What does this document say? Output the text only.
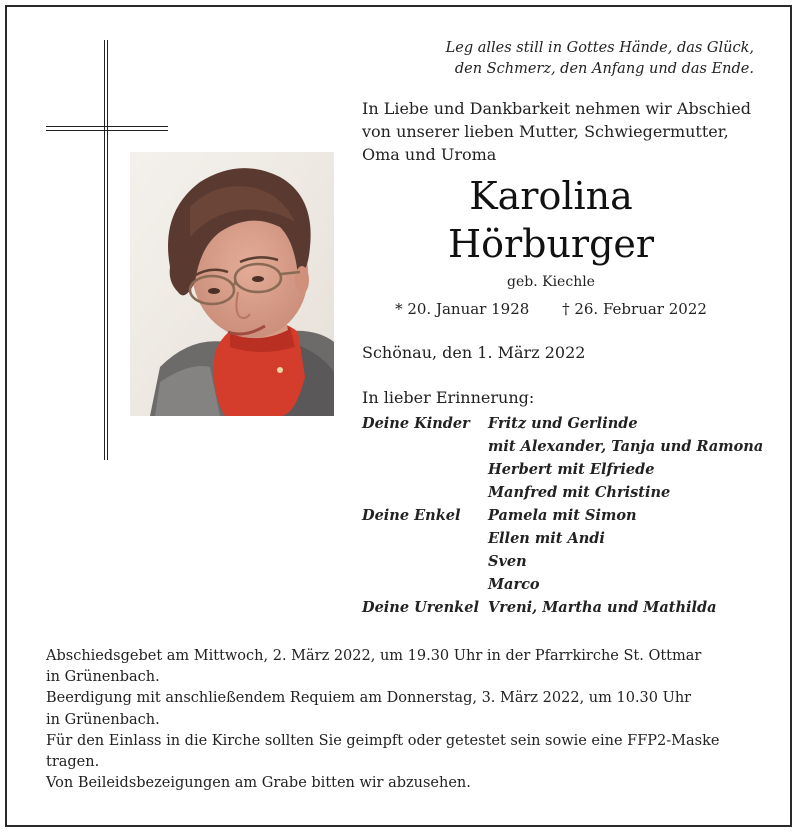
Leg alles still in Gottes Hände, das Glück,
den Schmerz, den Anfang und das Ende.
In Liebe und Dankbarkeit nehmen wir Abschied
von unserer lieben Mutter, Schwiegermutter,
Oma und Uroma
Karolina
Hörburger
geb. Kiechle
* 20. Januar 1928 † 26. Februar 2022
Schönau, den 1. März 2022
In lieber Erinnerung:
Deine Kinder	Fritz und Gerlinde
mit Alexander, Tanja und Ramona
Herbert mit Elfriede
Manfred mit Christine
Deine Enkel	Pamela mit Simon
Ellen mit Andi
Sven
Marco
Deine Urenkel Vreni, Martha und Mathilda
Abschiedsgebet am Mittwoch, 2. März 2022, um 19.30 Uhr in der Pfarrkirche St. Ottmar
in Grünenbach.
Beerdigung mit anschließendem Requiem am Donnerstag, 3. März 2022, um 10.30 Uhr
in Grünenbach.
Für den Einlass in die Kirche sollten Sie geimpft oder getestet sein sowie eine FFP2-Maske
tragen.
Von Beileidsbezeigungen am Grabe bitten wir abzusehen.
